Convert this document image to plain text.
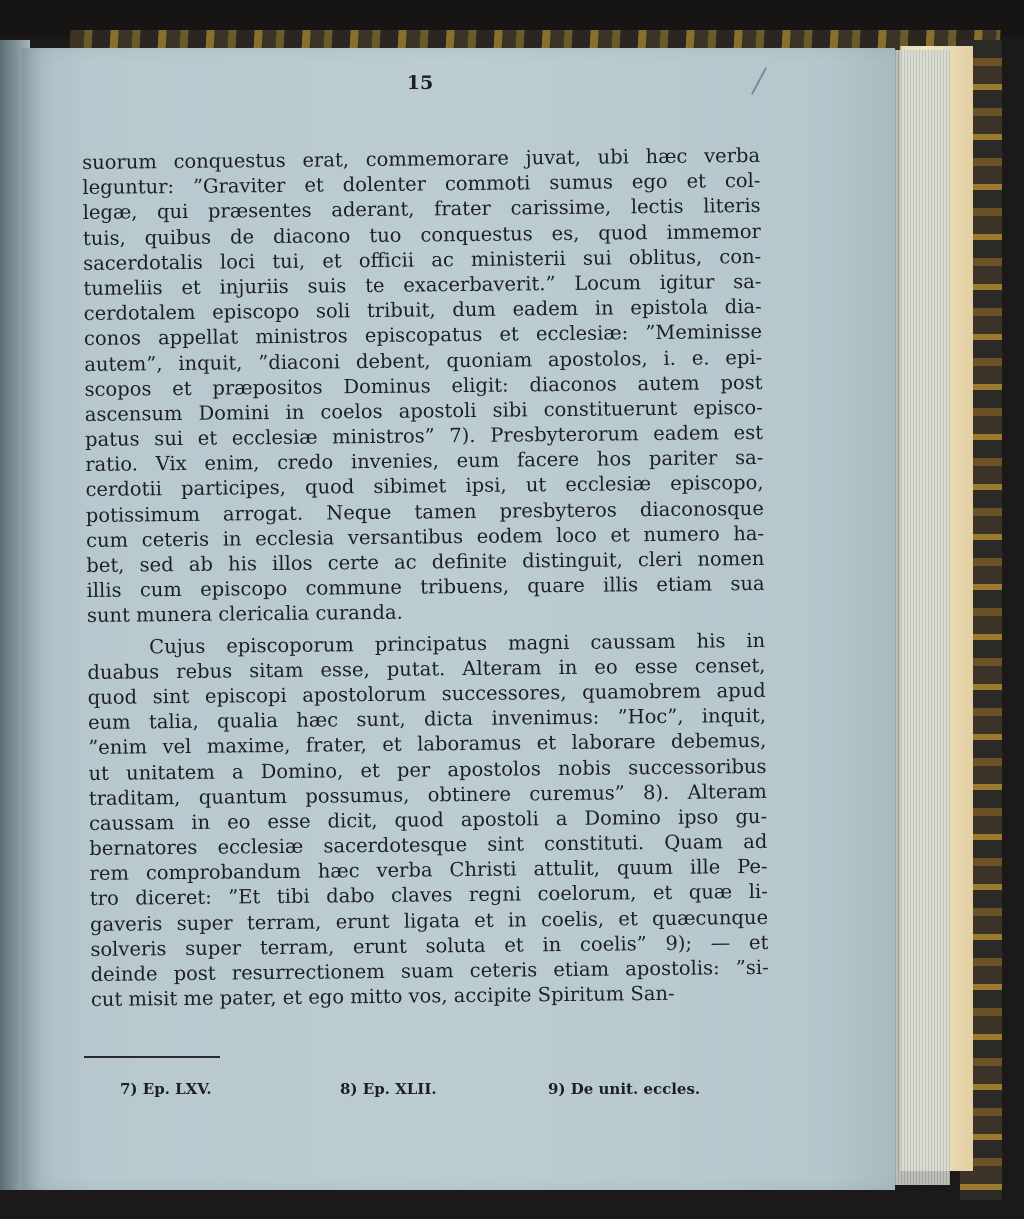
15
suorum conquestus erat, commemorare juvat, ubi hæc verba
leguntur: ”Graviter et dolenter commoti sumus ego et col-
legæ, qui præsentes aderant, frater carissime, lectis literis
tuis, quibus de diacono tuo conquestus es, quod immemor
sacerdotalis loci tui, et officii ac ministerii sui oblitus, con-
tumeliis et injuriis suis te exacerbaverit.” Locum igitur sa-
cerdotalem episcopo soli tribuit, dum eadem in epistola dia-
conos appellat ministros episcopatus et ecclesiæ: ”Meminisse
autem”, inquit, ”diaconi debent, quoniam apostolos, i. e. epi-
scopos et præpositos Dominus eligit: diaconos autem post
ascensum Domini in coelos apostoli sibi constituerunt episco-
patus sui et ecclesiæ ministros” 7). Presbyterorum eadem est
ratio. Vix enim, credo invenies, eum facere hos pariter sa-
cerdotii participes, quod sibimet ipsi, ut ecclesiæ episcopo,
potissimum arrogat. Neque tamen presbyteros diaconosque
cum ceteris in ecclesia versantibus eodem loco et numero ha-
bet, sed ab his illos certe ac definite distinguit, cleri nomen
illis cum episcopo commune tribuens, quare illis etiam sua
sunt munera clericalia curanda.
Cujus episcoporum principatus magni caussam his in
duabus rebus sitam esse, putat. Alteram in eo esse censet,
quod sint episcopi apostolorum successores, quamobrem apud
eum talia, qualia hæc sunt, dicta invenimus: ”Hoc”, inquit,
”enim vel maxime, frater, et laboramus et laborare debemus,
ut unitatem a Domino, et per apostolos nobis successoribus
traditam, quantum possumus, obtinere curemus” 8). Alteram
caussam in eo esse dicit, quod apostoli a Domino ipso gu-
bernatores ecclesiæ sacerdotesque sint constituti. Quam ad
rem comprobandum hæc verba Christi attulit, quum ille Pe-
tro diceret: ”Et tibi dabo claves regni coelorum, et quæ li-
gaveris super terram, erunt ligata et in coelis, et quæcunque
solveris super terram, erunt soluta et in coelis” 9); — et
deinde post resurrectionem suam ceteris etiam apostolis: ”si-
cut misit me pater, et ego mitto vos, accipite Spiritum San-
7) Ep. LXV.	8) Ep. XLII.	9) De unit. eccles.
